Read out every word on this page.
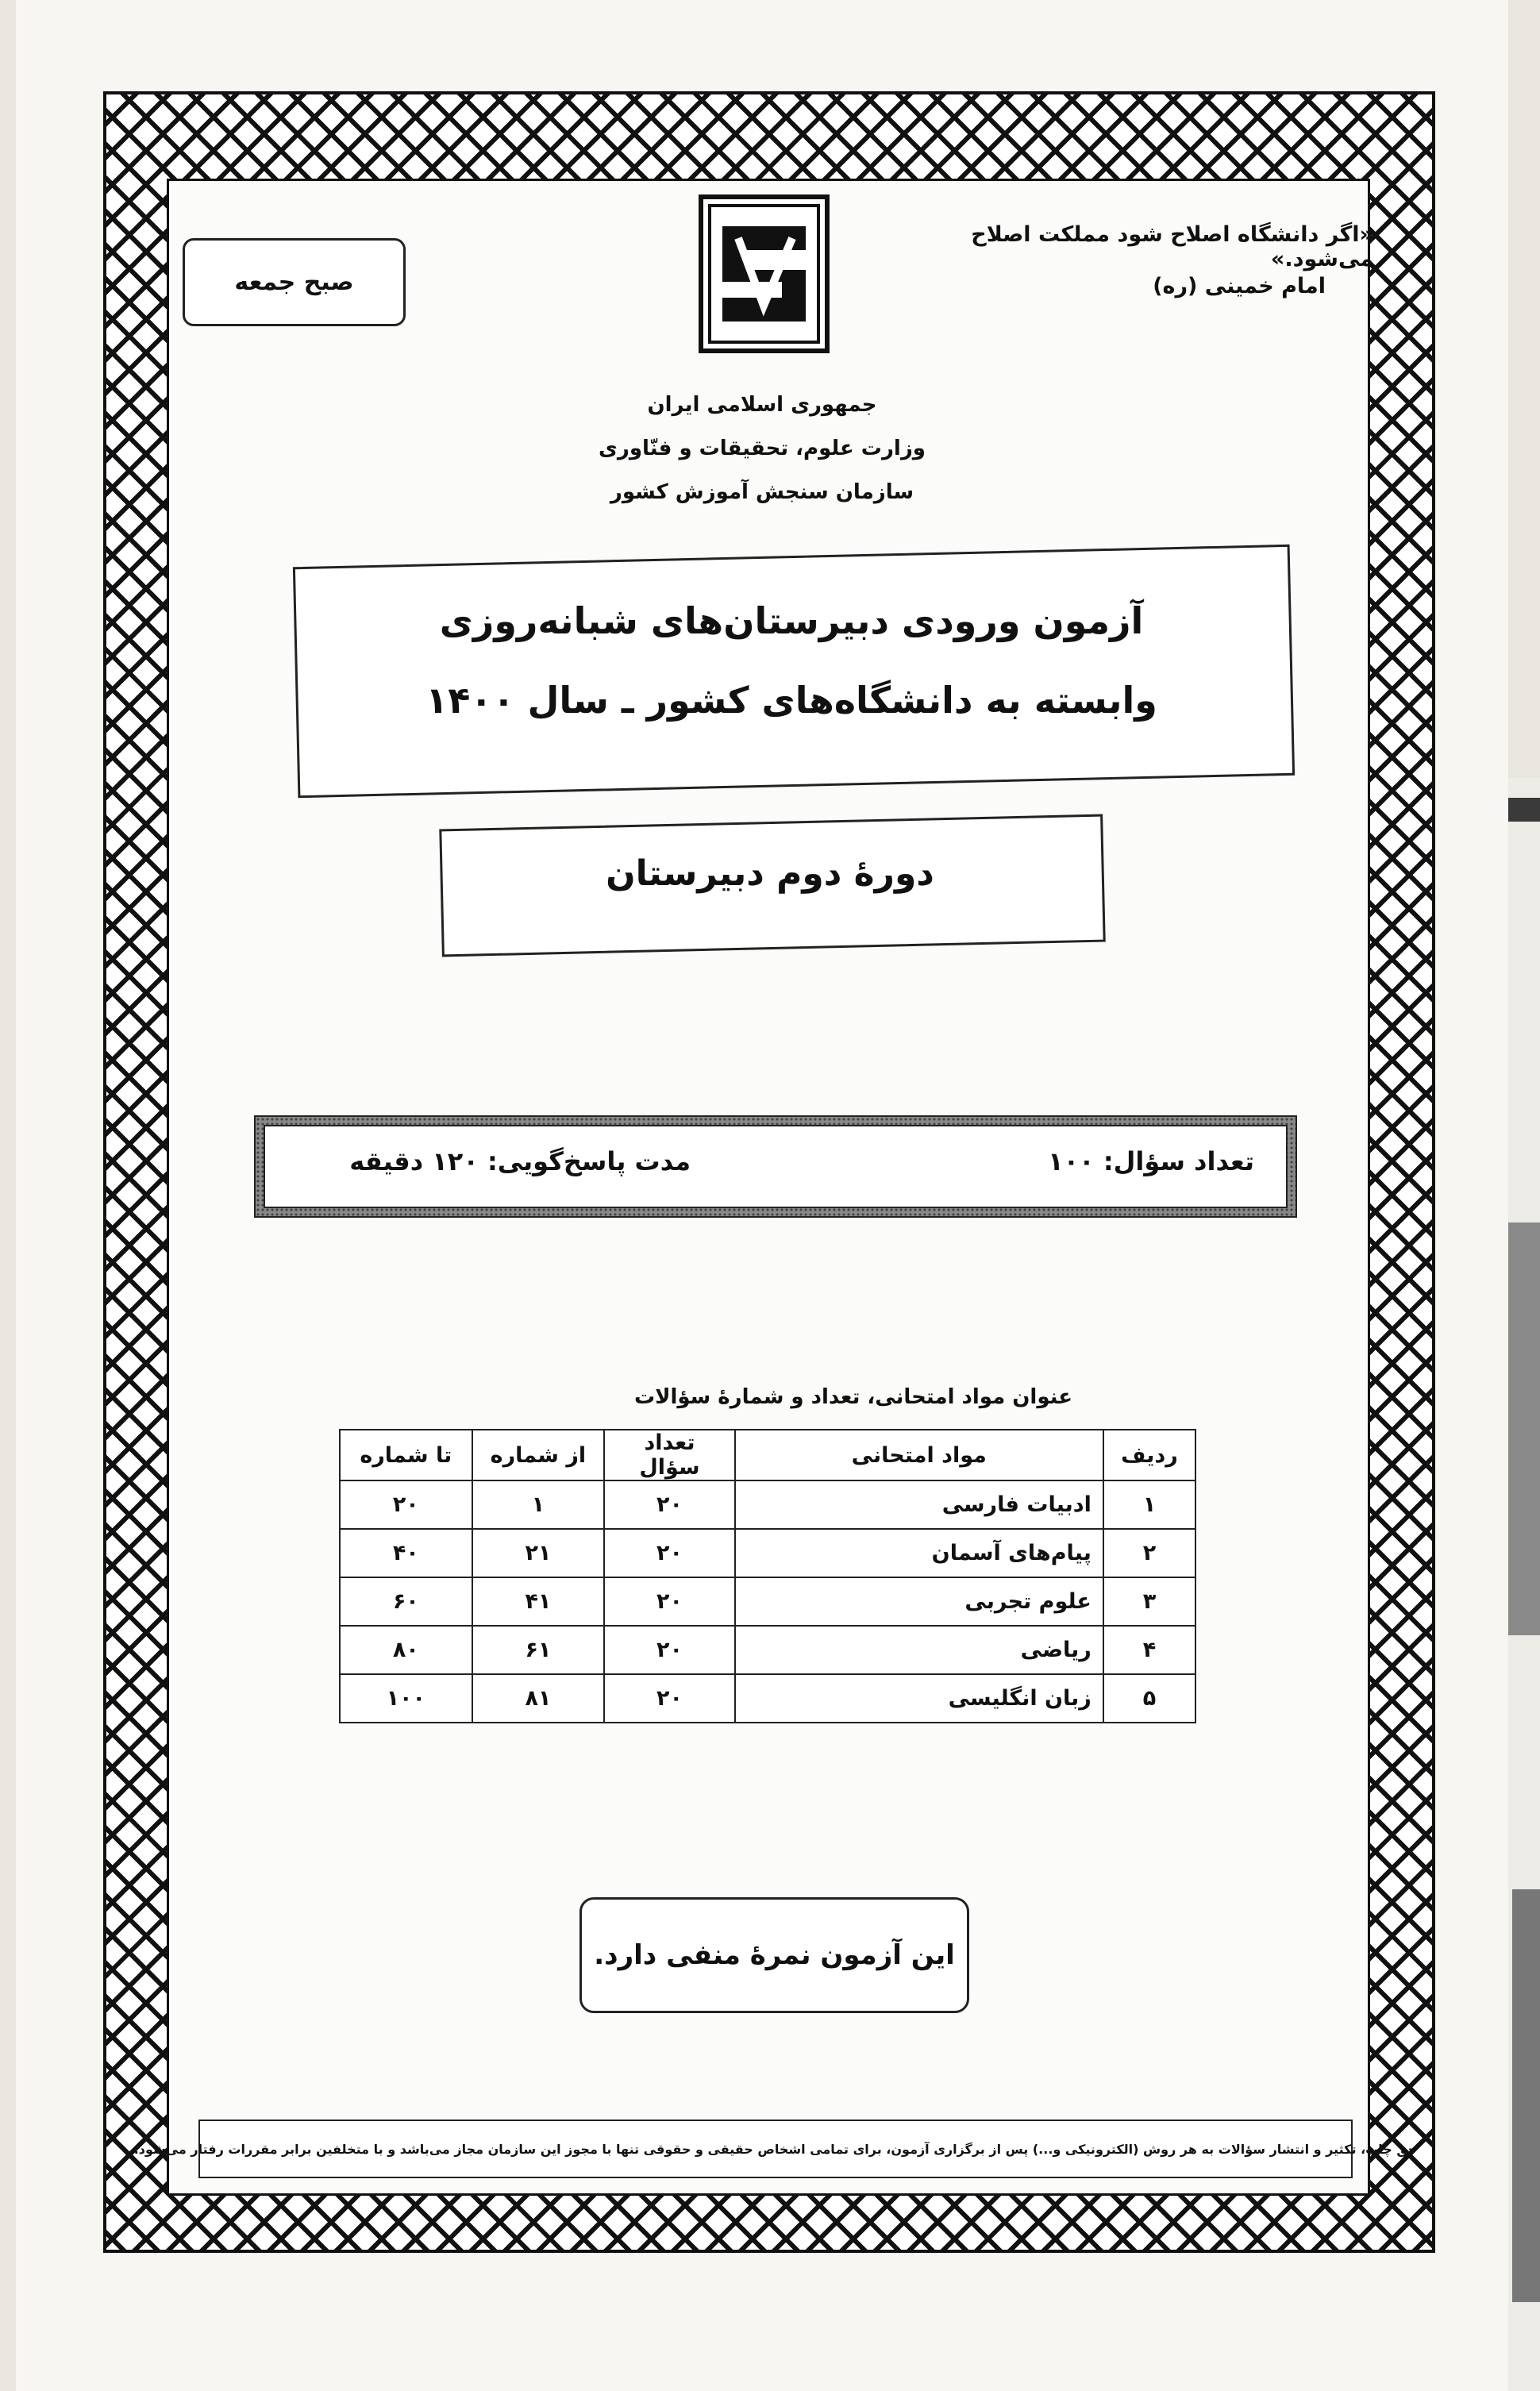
«اگر دانشگاه اصلاح شود مملکت اصلاح می‌شود.»
امام خمینی (ره)
صبح جمعه
جمهوری اسلامی ایران
وزارت علوم، تحقیقات و فنّاوری
سازمان سنجش آموزش کشور
آزمون ورودی دبیرستان‌های شبانه‌روزی
وابسته به دانشگاه‌های کشور ـ سال ۱۴۰۰
دورهٔ دوم دبیرستان
تعداد سؤال: ۱۰۰
مدت پاسخ‌گویی: ۱۲۰ دقیقه
عنوان مواد امتحانی، تعداد و شمارهٔ سؤالات
ردیف	مواد امتحانی	تعداد سؤال	از شماره	تا شماره
۱	ادبیات فارسی	۲۰	۱	۲۰
۲	پیام‌های آسمان	۲۰	۲۱	۴۰
۳	علوم تجربی	۲۰	۴۱	۶۰
۴	ریاضی	۲۰	۶۱	۸۰
۵	زبان انگلیسی	۲۰	۸۱	۱۰۰
این آزمون نمرهٔ منفی دارد.
حق چاپ، تکثیر و انتشار سؤالات به هر روش (الکترونیکی و...) پس از برگزاری آزمون، برای تمامی اشخاص حقیقی و حقوقی تنها با مجوز این سازمان مجاز می‌باشد و با متخلفین برابر مقررات رفتار می‌شود.
